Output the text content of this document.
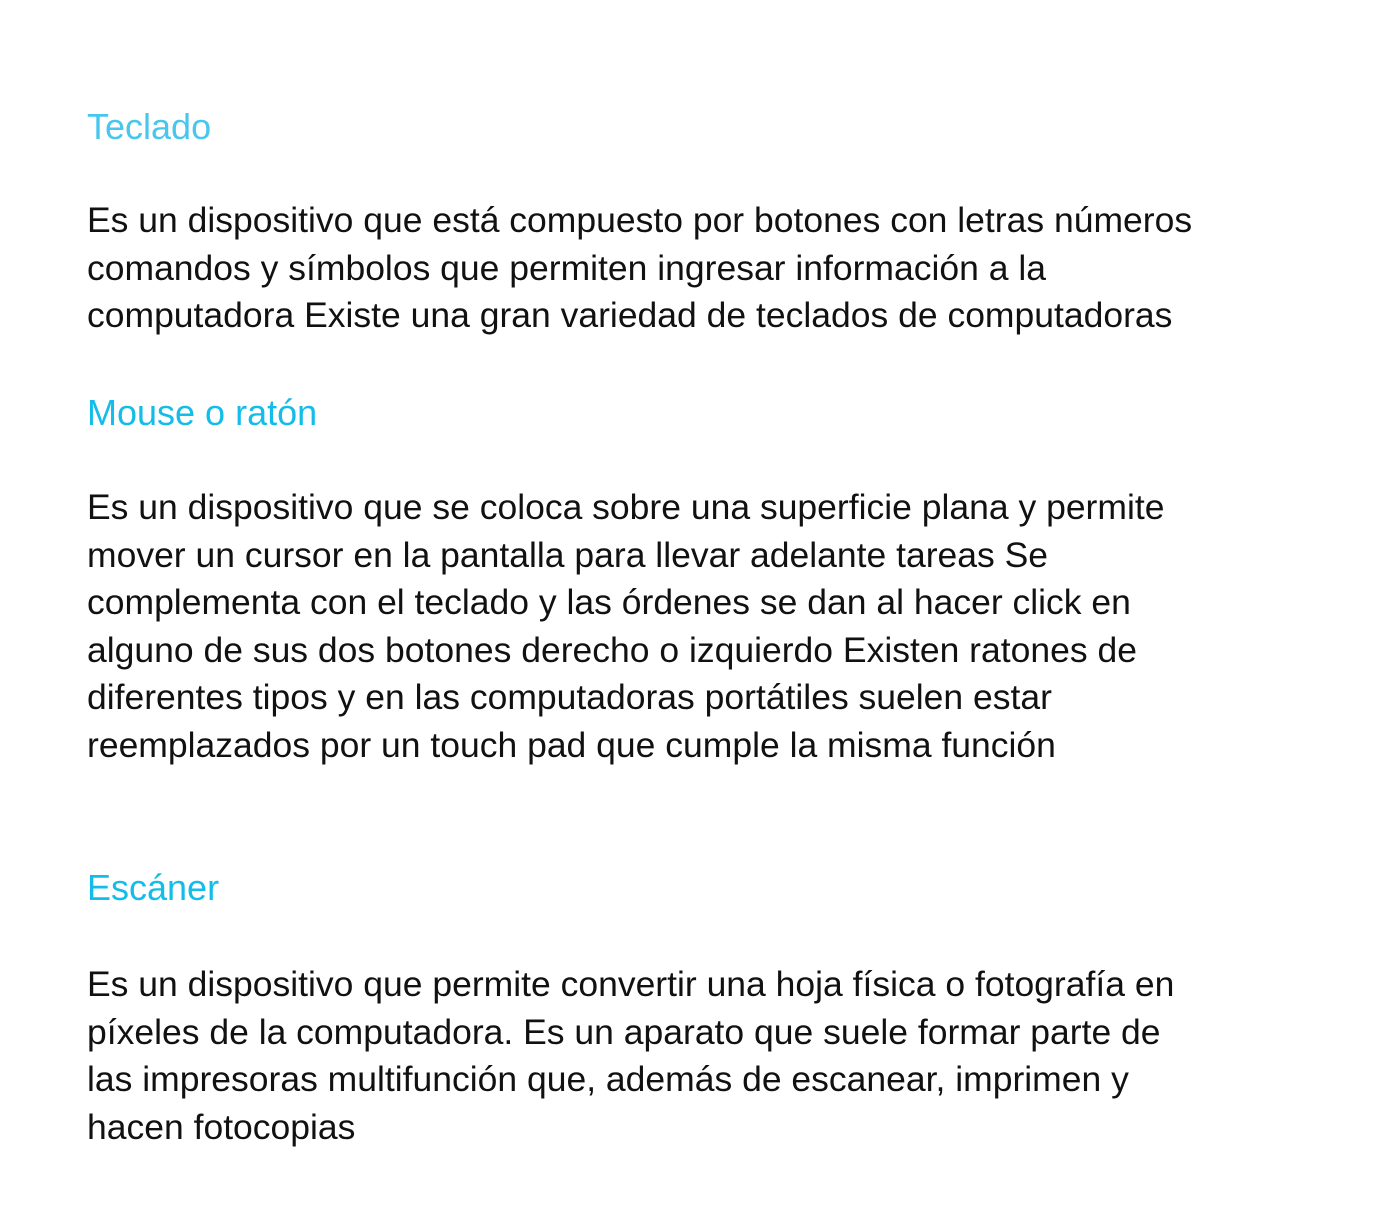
Teclado

Es un dispositivo que está compuesto por botones con letras números
comandos y símbolos que permiten ingresar información a la
computadora Existe una gran variedad de teclados de computadoras

Mouse o ratón

Es un dispositivo que se coloca sobre una superficie plana y permite
mover un cursor en la pantalla para llevar adelante tareas Se
complementa con el teclado y las órdenes se dan al hacer click en
alguno de sus dos botones derecho o izquierdo Existen ratones de
diferentes tipos y en las computadoras portátiles suelen estar
reemplazados por un touch pad que cumple la misma función

Escáner

Es un dispositivo que permite convertir una hoja física o fotografía en
píxeles de la computadora. Es un aparato que suele formar parte de
las impresoras multifunción que, además de escanear, imprimen y
hacen fotocopias
